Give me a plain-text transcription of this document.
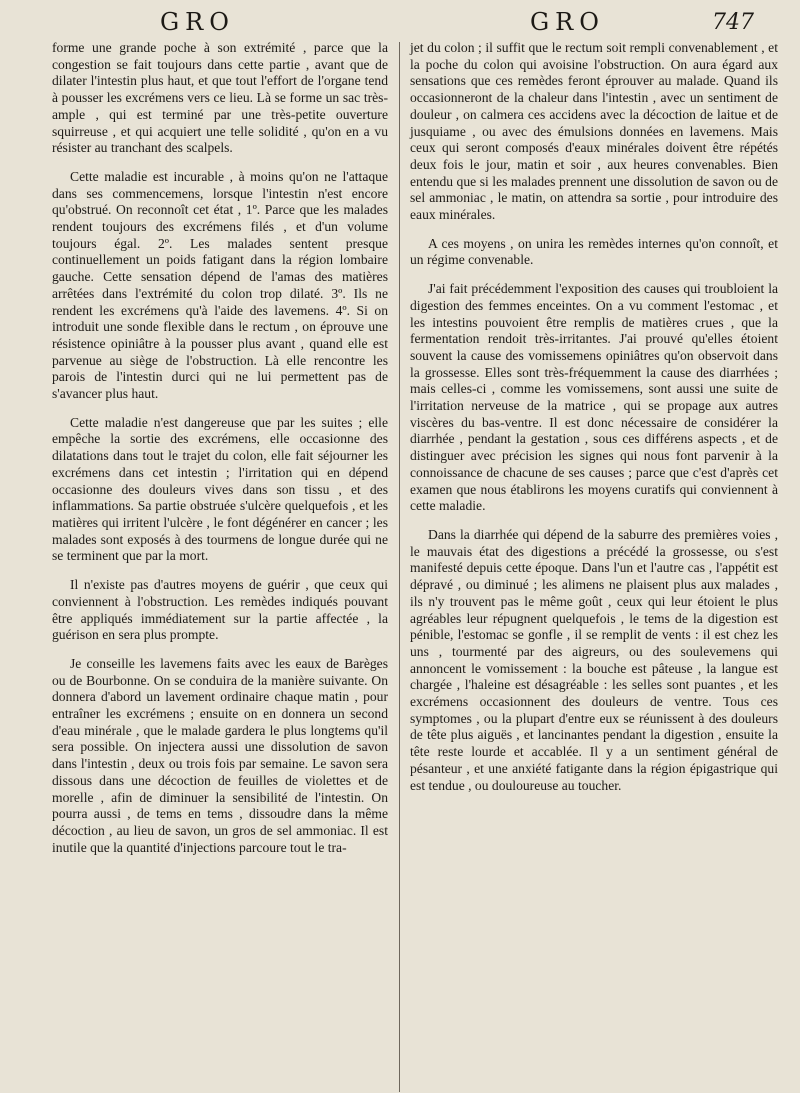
GRO	GRO	747

forme une grande poche à son extrémité , parce que la congestion se fait toujours dans cette partie , avant que de dilater l'intestin plus haut, et que tout l'effort de l'organe tend à pousser les excrémens vers ce lieu. Là se forme un sac très-ample , qui est terminé par une très-petite ouverture squirreuse , et qui acquiert une telle solidité , qu'on en a vu résister au tranchant des scalpels.

Cette maladie est incurable , à moins qu'on ne l'attaque dans ses commencemens, lorsque l'intestin n'est encore qu'obstrué. On reconnoît cet état , 1º. Parce que les malades rendent toujours des excrémens filés , et d'un volume toujours égal. 2º. Les malades sentent presque continuellement un poids fatigant dans la région lombaire gauche. Cette sensation dépend de l'amas des matières arrêtées dans l'extrémité du colon trop dilaté. 3º. Ils ne rendent les excrémens qu'à l'aide des lavemens. 4º. Si on introduit une sonde flexible dans le rectum , on éprouve une résistence opiniâtre à la pousser plus avant , quand elle est parvenue au siège de l'obstruction. Là elle rencontre les parois de l'intestin durci qui ne lui permettent pas de s'avancer plus haut.

Cette maladie n'est dangereuse que par les suites ; elle empêche la sortie des excrémens, elle occasionne des dilatations dans tout le trajet du colon, elle fait séjourner les excrémens dans cet intestin ; l'irritation qui en dépend occasionne des douleurs vives dans son tissu , et des inflammations. Sa partie obstruée s'ulcère quelquefois , et les matières qui irritent l'ulcère , le font dégénérer en cancer ; les malades sont exposés à des tourmens de longue durée qui ne se terminent que par la mort.

Il n'existe pas d'autres moyens de guérir , que ceux qui conviennent à l'obstruction. Les remèdes indiqués pouvant être appliqués immédiatement sur la partie affectée , la guérison en sera plus prompte.

Je conseille les lavemens faits avec les eaux de Barèges ou de Bourbonne. On se conduira de la manière suivante. On donnera d'abord un lavement ordinaire chaque matin , pour entraîner les excrémens ; ensuite on en donnera un second d'eau minérale , que le malade gardera le plus longtems qu'il sera possible. On injectera aussi une dissolution de savon dans l'intestin , deux ou trois fois par semaine. Le savon sera dissous dans une décoction de feuilles de violettes et de morelle , afin de diminuer la sensibilité de l'intestin. On pourra aussi , de tems en tems , dissoudre dans la même décoction , au lieu de savon, un gros de sel ammoniac. Il est inutile que la quantité d'injections parcoure tout le tra-

jet du colon ; il suffit que le rectum soit rempli convenablement , et la poche du colon qui avoisine l'obstruction. On aura égard aux sensations que ces remèdes feront éprouver au malade. Quand ils occasionneront de la chaleur dans l'intestin , avec un sentiment de douleur , on calmera ces accidens avec la décoction de laitue et de jusquiame , ou avec des émulsions données en lavemens. Mais ceux qui seront composés d'eaux minérales doivent être répétés deux fois le jour, matin et soir , aux heures convenables. Bien entendu que si les malades prennent une dissolution de savon ou de sel ammoniac , le matin, on attendra sa sortie , pour introduire des eaux minérales.

A ces moyens , on unira les remèdes internes qu'on connoît, et un régime convenable.

J'ai fait précédemment l'exposition des causes qui troubloient la digestion des femmes enceintes. On a vu comment l'estomac , et les intestins pouvoient être remplis de matières crues , que la fermentation rendoit très-irritantes. J'ai prouvé qu'elles étoient souvent la cause des vomissemens opiniâtres qu'on observoit dans la grossesse. Elles sont très-fréquemment la cause des diarrhées ; mais celles-ci , comme les vomissemens, sont aussi une suite de l'irritation nerveuse de la matrice , qui se propage aux autres viscères du bas-ventre. Il est donc nécessaire de considérer la diarrhée , pendant la gestation , sous ces différens aspects , et de distinguer avec précision les signes qui nous font parvenir à la connoissance de chacune de ses causes ; parce que c'est d'après cet examen que nous établirons les moyens curatifs qui conviennent à cette maladie.

Dans la diarrhée qui dépend de la saburre des premières voies , le mauvais état des digestions a précédé la grossesse, ou s'est manifesté depuis cette époque. Dans l'un et l'autre cas , l'appétit est dépravé , ou diminué ; les alimens ne plaisent plus aux malades , ils n'y trouvent pas le même goût , ceux qui leur étoient le plus agréables leur répugnent quelquefois , le tems de la digestion est pénible, l'estomac se gonfle , il se remplit de vents : il est chez les uns , tourmenté par des aigreurs, ou des soulevemens qui annoncent le vomissement : la bouche est pâteuse , la langue est chargée , l'haleine est désagréable : les selles sont puantes , et les excrémens occasionnent des douleurs de ventre. Tous ces symptomes , ou la plupart d'entre eux se réunissent à des douleurs de tête plus aiguës , et lancinantes pendant la digestion , ensuite la tête reste lourde et accablée. Il y a un sentiment général de pésanteur , et une anxiété fatigante dans la région épigastrique qui est tendue , ou douloureuse au toucher.
